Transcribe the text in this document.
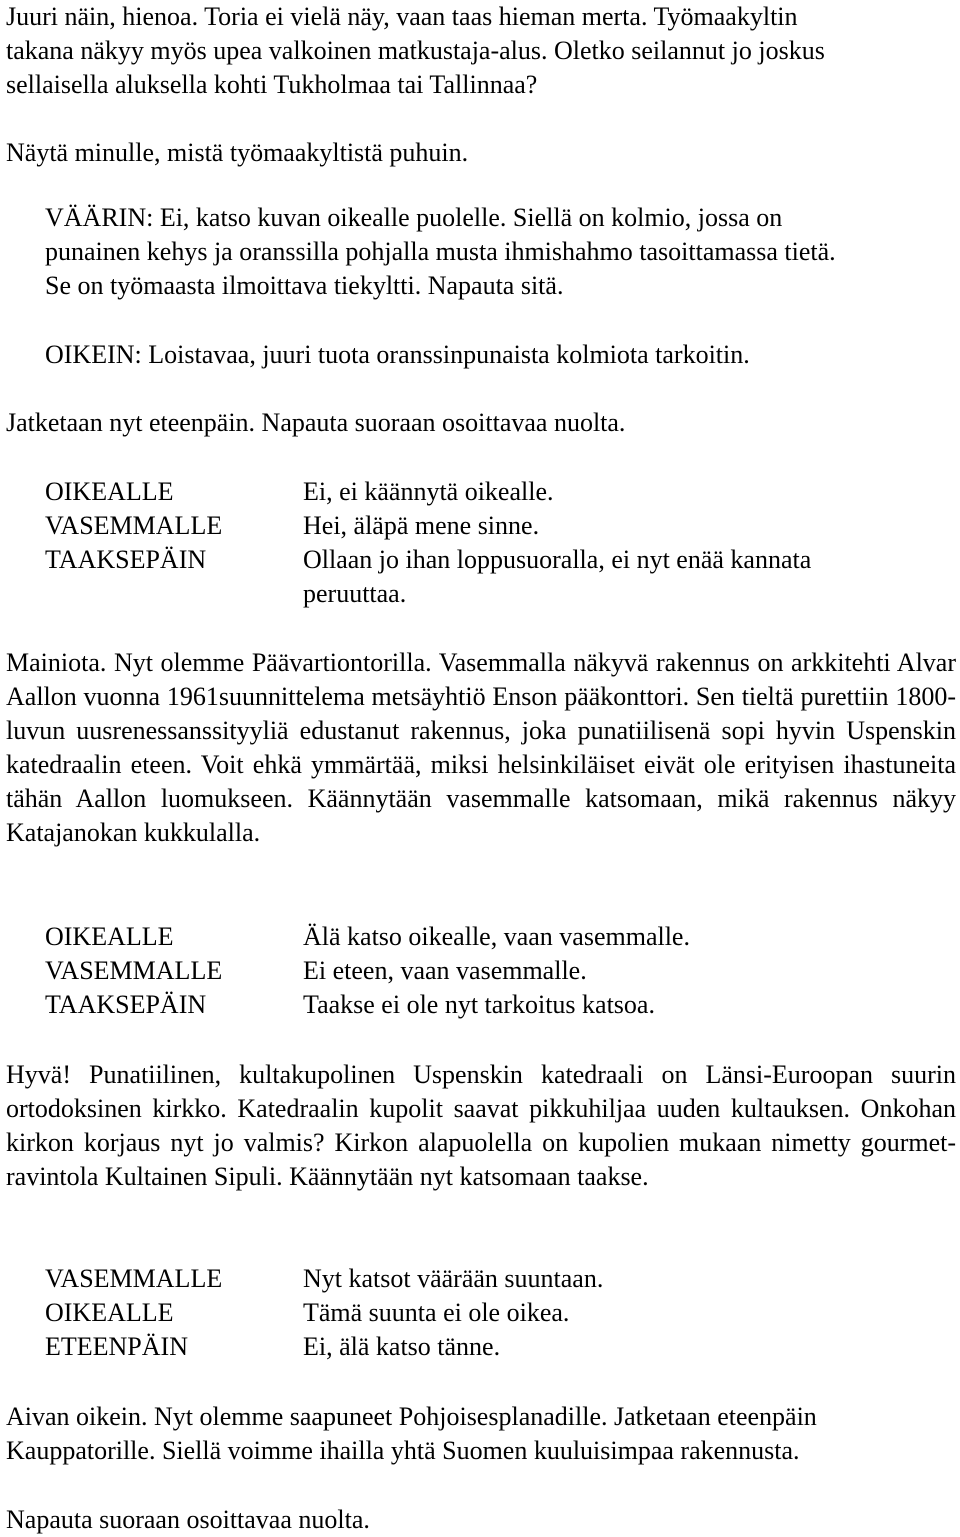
Juuri näin, hienoa. Toria ei vielä näy, vaan taas hieman merta. Työmaakyltin

takana näkyy myös upea valkoinen matkustaja-alus. Oletko seilannut jo joskus

sellaisella aluksella kohti Tukholmaa tai Tallinnaa?

Näytä minulle, mistä työmaakyltistä puhuin.

VÄÄRIN: Ei, katso kuvan oikealle puolelle. Siellä on kolmio, jossa on

punainen kehys ja oranssilla pohjalla musta ihmishahmo tasoittamassa tietä.

Se on työmaasta ilmoittava tiekyltti. Napauta sitä.

OIKEIN: Loistavaa, juuri tuota oranssinpunaista kolmiota tarkoitin.

Jatketaan nyt eteenpäin. Napauta suoraan osoittavaa nuolta.

OIKEALLE	Ei, ei käännytä oikealle.
VASEMMALLE	Hei, äläpä mene sinne.
TAAKSEPÄIN	Ollaan jo ihan loppusuoralla, ei nyt enää kannata
peruuttaa.

Mainiota. Nyt olemme Päävartiontorilla. Vasemmalla näkyvä rakennus on arkkitehti Alvar Aallon vuonna 1961suunnittelema metsäyhtiö Enson pääkonttori. Sen tieltä purettiin 1800-luvun uusrenessanssityyliä edustanut rakennus, joka punatiilisenä sopi hyvin Uspenskin katedraalin eteen. Voit ehkä ymmärtää, miksi helsinkiläiset eivät ole erityisen ihastuneita tähän Aallon luomukseen. Käännytään vasemmalle katsomaan, mikä rakennus näkyy Katajanokan kukkulalla.

OIKEALLE	Älä katso oikealle, vaan vasemmalle.
VASEMMALLE	Ei eteen, vaan vasemmalle.
TAAKSEPÄIN	Taakse ei ole nyt tarkoitus katsoa.

Hyvä! Punatiilinen, kultakupolinen Uspenskin katedraali on Länsi-Euroopan suurin ortodoksinen kirkko. Katedraalin kupolit saavat pikkuhiljaa uuden kultauksen. Onkohan kirkon korjaus nyt jo valmis? Kirkon alapuolella on kupolien mukaan nimetty gourmet-ravintola Kultainen Sipuli. Käännytään nyt katsomaan taakse.

VASEMMALLE	Nyt katsot väärään suuntaan.
OIKEALLE	Tämä suunta ei ole oikea.
ETEENPÄIN	Ei, älä katso tänne.

Aivan oikein. Nyt olemme saapuneet Pohjoisesplanadille. Jatketaan eteenpäin

Kauppatorille. Siellä voimme ihailla yhtä Suomen kuuluisimpaa rakennusta.

Napauta suoraan osoittavaa nuolta.
